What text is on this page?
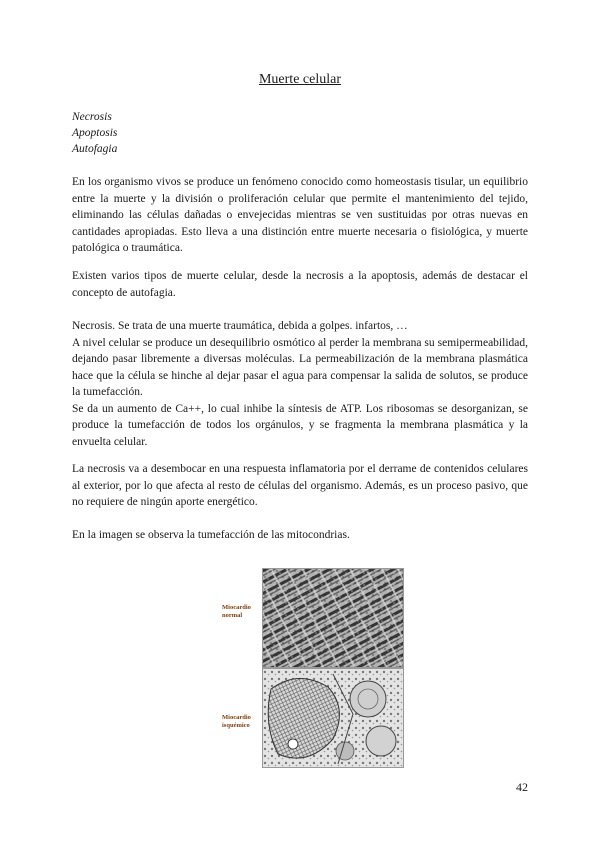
Muerte celular
Necrosis
Apoptosis
Autofagia

En los organismo vivos se produce un fenómeno conocido como homeostasis tisular, un equilibrio entre la muerte y la división o proliferación celular que permite el mantenimiento del tejido, eliminando las células dañadas o envejecidas mientras se ven sustituidas por otras nuevas en cantidades apropiadas. Esto lleva a una distinción entre muerte necesaria o fisiológica, y muerte patológica o traumática.

Existen varios tipos de muerte celular, desde la necrosis a la apoptosis, además de destacar el concepto de autofagia.

Necrosis. Se trata de una muerte traumática, debida a golpes. infartos, …
A nivel celular se produce un desequilibrio osmótico al perder la membrana su semipermeabilidad, dejando pasar libremente a diversas moléculas. La permeabilización de la membrana plasmática hace que la célula se hinche al dejar pasar el agua para compensar la salida de solutos, se produce la tumefacción.
Se da un aumento de Ca++, lo cual inhibe la síntesis de ATP. Los ribosomas se desorganizan, se produce la tumefacción de todos los orgánulos, y se fragmenta la membrana plasmática y la envuelta celular.

La necrosis va a desembocar en una respuesta inflamatoria por el derrame de contenidos celulares al exterior, por lo que afecta al resto de células del organismo. Además, es un proceso pasivo, que no requiere de ningún aporte energético.

En la imagen se observa la tumefacción de las mitocondrias.

Miocardio normal
Miocardio isquémico
42
